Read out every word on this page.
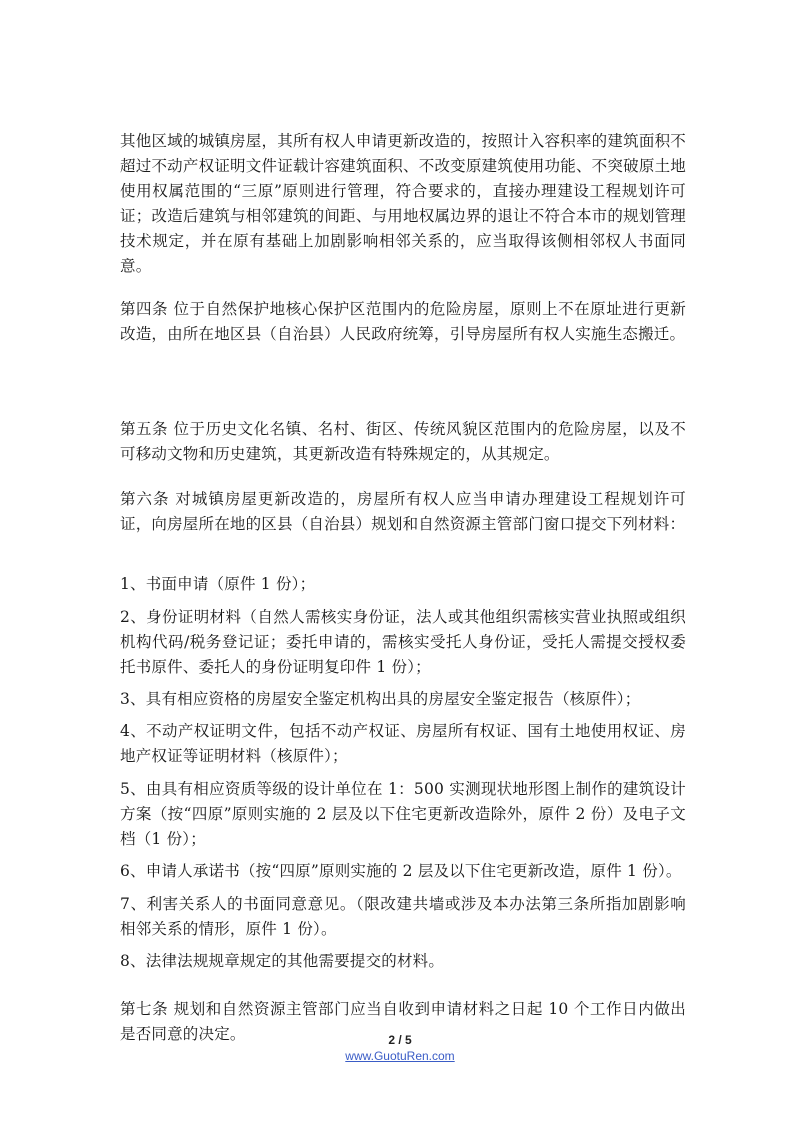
其他区域的城镇房屋，其所有权人申请更新改造的，按照计入容积率的建筑面积不超过不动产权证明文件证载计容建筑面积、不改变原建筑使用功能、不突破原土地使用权属范围的“三原”原则进行管理，符合要求的，直接办理建设工程规划许可证；改造后建筑与相邻建筑的间距、与用地权属边界的退让不符合本市的规划管理技术规定，并在原有基础上加剧影响相邻关系的，应当取得该侧相邻权人书面同意。

第四条 位于自然保护地核心保护区范围内的危险房屋，原则上不在原址进行更新改造，由所在地区县（自治县）人民政府统筹，引导房屋所有权人实施生态搬迁。

第五条 位于历史文化名镇、名村、街区、传统风貌区范围内的危险房屋，以及不可移动文物和历史建筑，其更新改造有特殊规定的，从其规定。

第六条 对城镇房屋更新改造的，房屋所有权人应当申请办理建设工程规划许可证，向房屋所在地的区县（自治县）规划和自然资源主管部门窗口提交下列材料：

1、书面申请（原件 1 份）；

2、身份证明材料（自然人需核实身份证，法人或其他组织需核实营业执照或组织机构代码/税务登记证；委托申请的，需核实受托人身份证，受托人需提交授权委托书原件、委托人的身份证明复印件 1 份）；

3、具有相应资格的房屋安全鉴定机构出具的房屋安全鉴定报告（核原件）；

4、不动产权证明文件，包括不动产权证、房屋所有权证、国有土地使用权证、房地产权证等证明材料（核原件）；

5、由具有相应资质等级的设计单位在 1：500 实测现状地形图上制作的建筑设计方案（按“四原”原则实施的 2 层及以下住宅更新改造除外，原件 2 份）及电子文档（1 份）；

6、申请人承诺书（按“四原”原则实施的 2 层及以下住宅更新改造，原件 1 份）。

7、利害关系人的书面同意意见。（限改建共墙或涉及本办法第三条所指加剧影响相邻关系的情形，原件 1 份）。

8、法律法规规章规定的其他需要提交的材料。

第七条 规划和自然资源主管部门应当自收到申请材料之日起 10 个工作日内做出是否同意的决定。	2 / 5
www.GuotuRen.com
